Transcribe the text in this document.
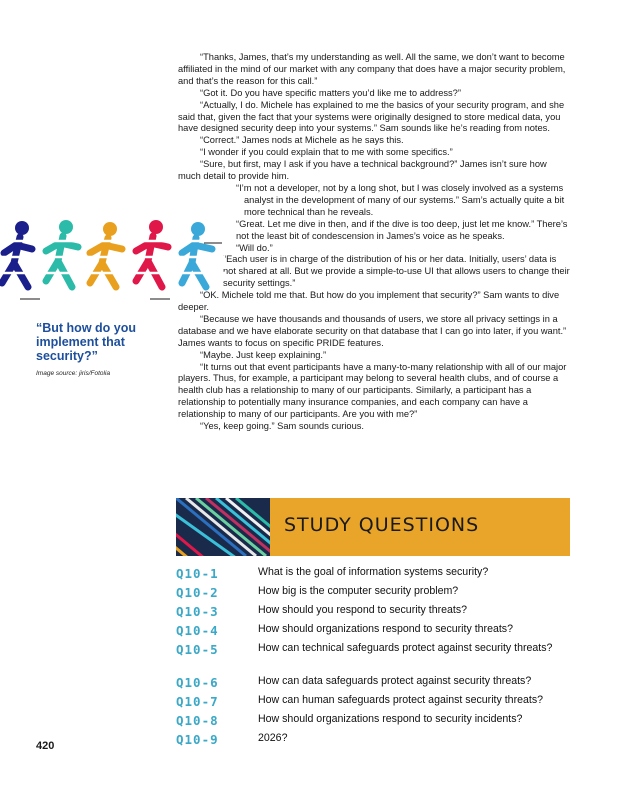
“Thanks, James, that’s my understanding as well. All the same, we don’t want to become affiliated in the mind of our market with any company that does have a major security problem, and that’s the reason for this call.”

“Got it. Do you have specific matters you’d like me to address?”

“Actually, I do. Michele has explained to me the basics of your security program, and she said that, given the fact that your systems were originally designed to store medical data, you have designed security deep into your systems.” Sam sounds like he’s reading from notes.

“Correct.” James nods at Michele as he says this.

“I wonder if you could explain that to me with some specifics.”

“Sure, but first, may I ask if you have a technical background?” James isn’t sure how much detail to provide him.

“I’m not a developer, not by a long shot, but I was closely involved as a systems analyst in the development of many of our systems.” Sam’s actually quite a bit more technical than he reveals.

“Great. Let me dive in then, and if the dive is too deep, just let me know.” There’s not the least bit of condescension in James’s voice as he speaks.

“Will do.”

“Each user is in charge of the distribution of his or her data. Initially, users’ data is not shared at all. But we provide a simple-to-use UI that allows users to change their security settings.”

“OK. Michele told me that. But how do you implement that security?” Sam wants to dive deeper.

“Because we have thousands and thousands of users, we store all privacy settings in a database and we have elaborate security on that database that I can go into later, if you want.” James wants to focus on specific PRIDE features.

“Maybe. Just keep explaining.”

“It turns out that event participants have a many-to-many relationship with all of our major players. Thus, for example, a participant may belong to several health clubs, and of course a health club has a relationship to many of our participants. Similarly, a participant has a relationship to potentially many insurance companies, and each company can have a relationship to many of our participants. Are you with me?”

“Yes, keep going.” Sam sounds curious.

“But how do you implement that security?”
Image source: jiris/Fotolia
STUDY QUESTIONS
Q10-1	What is the goal of information systems security?
Q10-2	How big is the computer security problem?
Q10-3	How should you respond to security threats?
Q10-4	How should organizations respond to security threats?
Q10-5	How can technical safeguards protect against security threats?
Q10-6	How can data safeguards protect against security threats?
Q10-7	How can human safeguards protect against security threats?
Q10-8	How should organizations respond to security incidents?
Q10-9	2026?
420
